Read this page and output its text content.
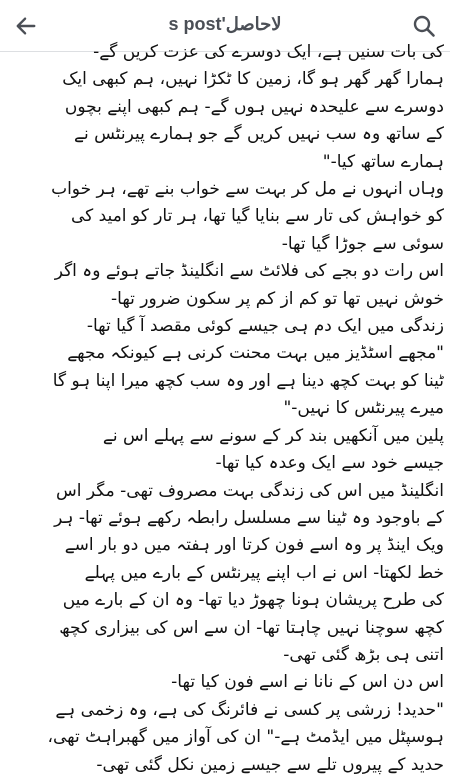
لاحاصل's post
کی بات سنیں ہے، ایک دوسرے کی عزت کریں گے-
ہمارا گھر گھر ہو گا، زمین کا ٹکڑا نہیں، ہم کبھی ایک
دوسرے سے علیحدہ نہیں ہوں گے- ہم کبھی اپنے بچوں
کے ساتھ وہ سب نہیں کریں گے جو ہمارے پیرنٹس نے
ہمارے ساتھ کیا-"
وہاں انہوں نے مل کر بہت سے خواب بنے تھے، ہر خواب
کو خواہش کی تار سے بنایا گیا تھا، ہر تار کو امید کی
سوئی سے جوڑا گیا تھا-
اس رات دو بجے کی فلائٹ سے انگلینڈ جاتے ہوئے وہ اگر
خوش نہیں تھا تو کم از کم پر سکون ضرور تھا-
زندگی میں ایک دم ہی جیسے کوئی مقصد آ گیا تھا-
"مجھے اسٹڈیز میں بہت محنت کرنی ہے کیونکہ مجھے
ٹینا کو بہت کچھ دینا ہے اور وہ سب کچھ میرا اپنا ہو گا
میرے پیرنٹس کا نہیں-"
پلین میں آنکھیں بند کر کے سونے سے پہلے اس نے
جیسے خود سے ایک وعدہ کیا تھا-
انگلینڈ میں اس کی زندگی بہت مصروف تھی- مگر اس
کے باوجود وہ ٹینا سے مسلسل رابطہ رکھے ہوئے تھا- ہر
ویک اینڈ پر وہ اسے فون کرتا اور ہفتہ میں دو بار اسے
خط لکھتا- اس نے اب اپنے پیرنٹس کے بارے میں پہلے
کی طرح پریشان ہونا چھوڑ دیا تھا- وہ ان کے بارے میں
کچھ سوچنا نہیں چاہتا تھا- ان سے اس کی بیزاری کچھ
اتنی ہی بڑھ گئی تھی-
اس دن اس کے نانا نے اسے فون کیا تھا-
"حدید! زرشی پر کسی نے فائرنگ کی ہے، وہ زخمی ہے
ہوسپٹل میں ایڈمٹ ہے-" ان کی آواز میں گھبراہٹ تھی،
حدید کے پیروں تلے سے جیسے زمین نکل گئی تھی-
